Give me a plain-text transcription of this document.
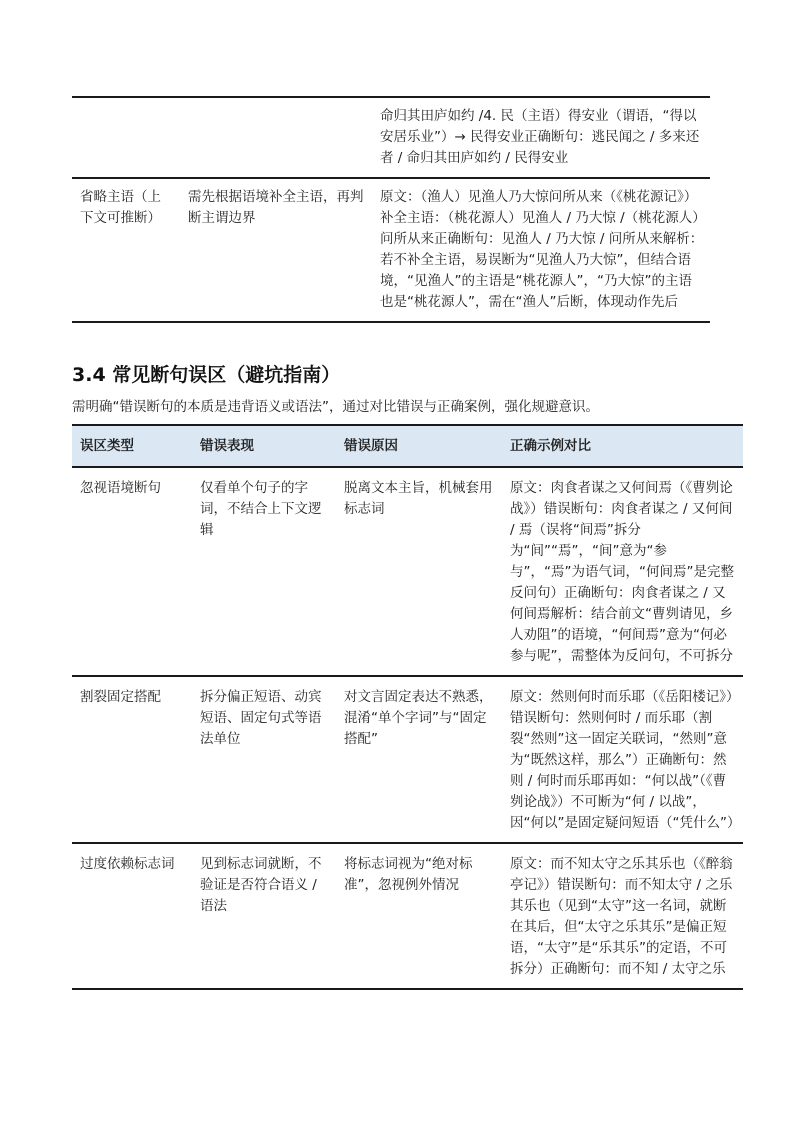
		命归其田庐如约 /4. 民（主语）得安业（谓语，“得以安居乐业”）→ 民得安业正确断句：逃民闻之 / 多来还者 / 命归其田庐如约 / 民得安业
省略主语（上下文可推断）	需先根据语境补全主语，再判断主谓边界	原文：（渔人）见渔人乃大惊问所从来（《桃花源记》）补全主语：（桃花源人）见渔人 / 乃大惊 /（桃花源人）问所从来正确断句：见渔人 / 乃大惊 / 问所从来解析：若不补全主语，易误断为“见渔人乃大惊”，但结合语境，“见渔人”的主语是“桃花源人”，“乃大惊”的主语也是“桃花源人”，需在“渔人”后断，体现动作先后
3.4 常见断句误区（避坑指南）
需明确“错误断句的本质是违背语义或语法”，通过对比错误与正确案例，强化规避意识。
误区类型	错误表现	错误原因	正确示例对比
忽视语境断句	仅看单个句子的字词，不结合上下文逻辑	脱离文本主旨，机械套用标志词	原文：肉食者谋之又何间焉（《曹刿论战》）错误断句：肉食者谋之 / 又何间 / 焉（误将“间焉”拆分为“间”“焉”，“间”意为“参与”，“焉”为语气词，“何间焉”是完整反问句）正确断句：肉食者谋之 / 又何间焉解析：结合前文“曹刿请见，乡人劝阻”的语境，“何间焉”意为“何必参与呢”，需整体为反问句，不可拆分
割裂固定搭配	拆分偏正短语、动宾短语、固定句式等语法单位	对文言固定表达不熟悉，混淆“单个字词”与“固定搭配”	原文：然则何时而乐耶（《岳阳楼记》）错误断句：然则何时 / 而乐耶（割裂“然则”这一固定关联词，“然则”意为“既然这样，那么”）正确断句：然则 / 何时而乐耶再如：“何以战”（《曹刿论战》）不可断为“何 / 以战”，因“何以”是固定疑问短语（“凭什么”）
过度依赖标志词	见到标志词就断，不验证是否符合语义 / 语法	将标志词视为“绝对标准”，忽视例外情况	原文：而不知太守之乐其乐也（《醉翁亭记》）错误断句：而不知太守 / 之乐其乐也（见到“太守”这一名词，就断在其后，但“太守之乐其乐”是偏正短语，“太守”是“乐其乐”的定语，不可拆分）正确断句：而不知 / 太守之乐
